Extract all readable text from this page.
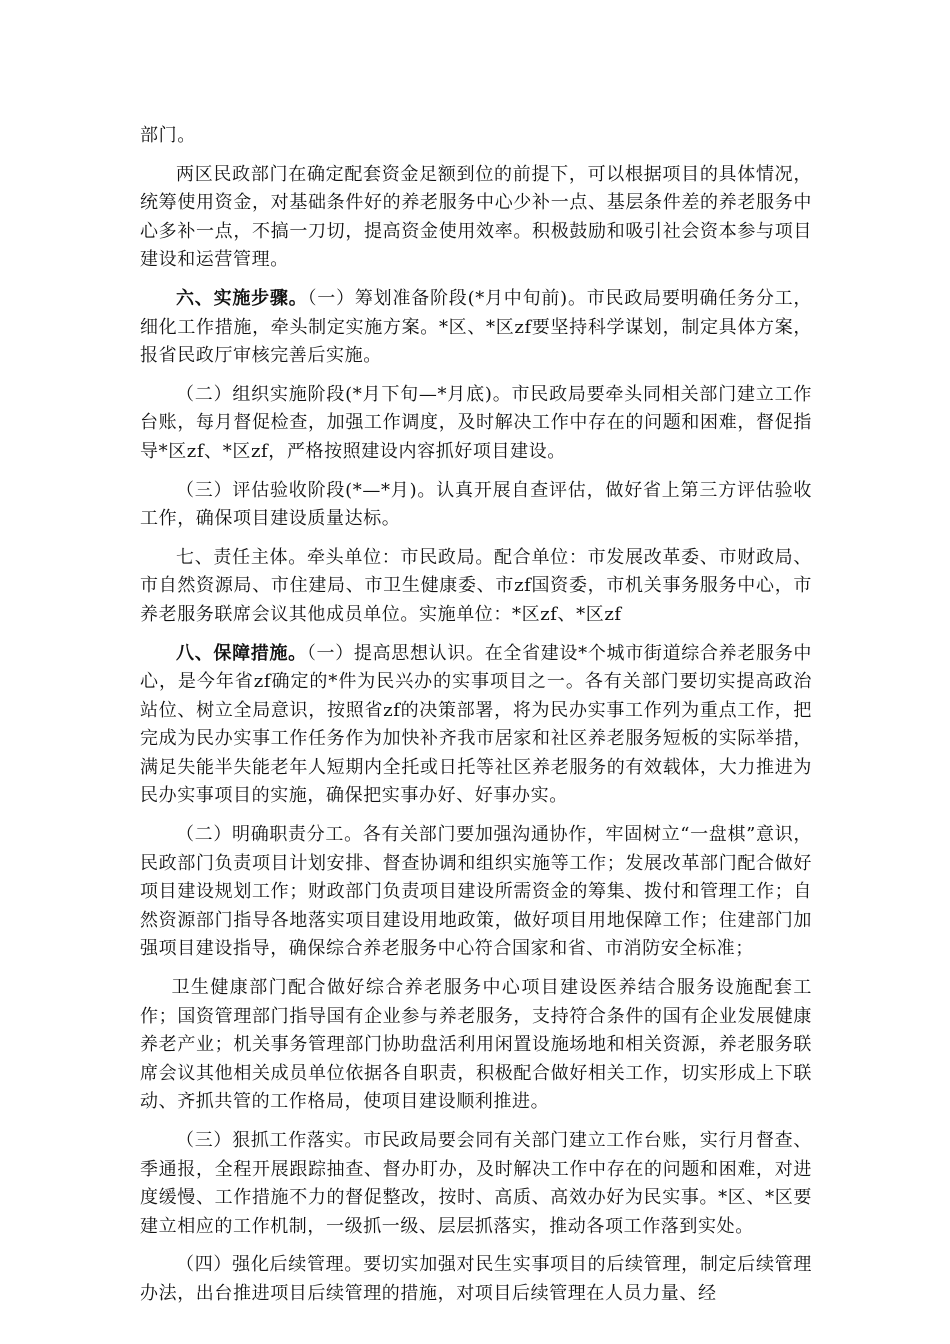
部门。

两区民政部门在确定配套资金足额到位的前提下，可以根据项目的具体情况，统筹使用资金，对基础条件好的养老服务中心少补一点、基层条件差的养老服务中心多补一点，不搞一刀切，提高资金使用效率。积极鼓励和吸引社会资本参与项目建设和运营管理。

六、实施步骤。（一）筹划准备阶段(*月中旬前)。市民政局要明确任务分工，细化工作措施，牵头制定实施方案。*区、*区zf要坚持科学谋划，制定具体方案，报省民政厅审核完善后实施。

（二）组织实施阶段(*月下旬—*月底)。市民政局要牵头同相关部门建立工作台账，每月督促检查，加强工作调度，及时解决工作中存在的问题和困难，督促指导*区zf、*区zf，严格按照建设内容抓好项目建设。

（三）评估验收阶段(*—*月)。认真开展自查评估，做好省上第三方评估验收工作，确保项目建设质量达标。

七、责任主体。牵头单位：市民政局。配合单位：市发展改革委、市财政局、市自然资源局、市住建局、市卫生健康委、市zf国资委，市机关事务服务中心，市养老服务联席会议其他成员单位。实施单位：*区zf、*区zf

八、保障措施。（一）提高思想认识。在全省建设*个城市街道综合养老服务中心，是今年省zf确定的*件为民兴办的实事项目之一。各有关部门要切实提高政治站位、树立全局意识，按照省zf的决策部署，将为民办实事工作列为重点工作，把完成为民办实事工作任务作为加快补齐我市居家和社区养老服务短板的实际举措，满足失能半失能老年人短期内全托或日托等社区养老服务的有效载体，大力推进为民办实事项目的实施，确保把实事办好、好事办实。

（二）明确职责分工。各有关部门要加强沟通协作，牢固树立“一盘棋”意识，民政部门负责项目计划安排、督查协调和组织实施等工作；发展改革部门配合做好项目建设规划工作；财政部门负责项目建设所需资金的筹集、拨付和管理工作；自然资源部门指导各地落实项目建设用地政策，做好项目用地保障工作；住建部门加强项目建设指导，确保综合养老服务中心符合国家和省、市消防安全标准；

卫生健康部门配合做好综合养老服务中心项目建设医养结合服务设施配套工作；国资管理部门指导国有企业参与养老服务，支持符合条件的国有企业发展健康养老产业；机关事务管理部门协助盘活利用闲置设施场地和相关资源，养老服务联席会议其他相关成员单位依据各自职责，积极配合做好相关工作，切实形成上下联动、齐抓共管的工作格局，使项目建设顺利推进。

（三）狠抓工作落实。市民政局要会同有关部门建立工作台账，实行月督查、季通报，全程开展跟踪抽查、督办盯办，及时解决工作中存在的问题和困难，对进度缓慢、工作措施不力的督促整改，按时、高质、高效办好为民实事。*区、*区要建立相应的工作机制，一级抓一级、层层抓落实，推动各项工作落到实处。

（四）强化后续管理。要切实加强对民生实事项目的后续管理，制定后续管理办法，出台推进项目后续管理的措施，对项目后续管理在人员力量、经
